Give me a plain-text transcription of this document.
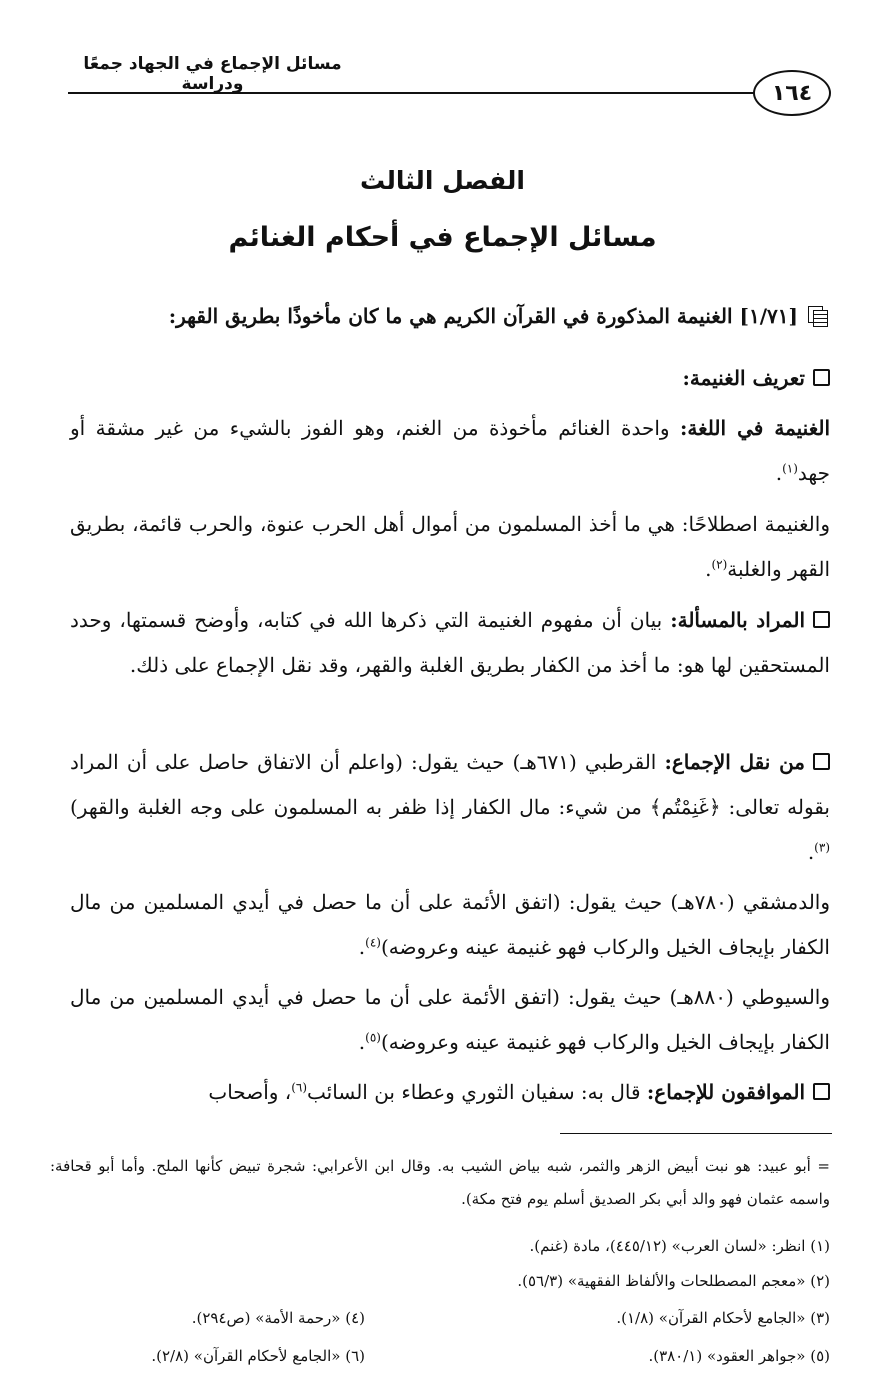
مسائل الإجماع في الجهاد جمعًا ودراسة	١٦٤
الفصل الثالث
مسائل الإجماع في أحكام الغنائم
[١/٧١] الغنيمة المذكورة في القرآن الكريم هي ما كان مأخوذًا بطريق القهر:
تعريف الغنيمة:
الغنيمة في اللغة: واحدة الغنائم مأخوذة من الغنم، وهو الفوز بالشيء من غير مشقة أو جهد$^{(١)}$.
والغنيمة اصطلاحًا: هي ما أخذ المسلمون من أموال أهل الحرب عنوة، والحرب قائمة، بطريق القهر والغلبة$^{(٢)}$.
المراد بالمسألة: بيان أن مفهوم الغنيمة التي ذكرها الله في كتابه، وأوضح قسمتها، وحدد المستحقين لها هو: ما أخذ من الكفار بطريق الغلبة والقهر، وقد نقل الإجماع على ذلك.
من نقل الإجماع: القرطبي (٦٧١هـ) حيث يقول: (واعلم أن الاتفاق حاصل على أن المراد بقوله تعالى: ﴿غَنِمْتُم﴾ من شيء: مال الكفار إذا ظفر به المسلمون على وجه الغلبة والقهر)$^{(٣)}$.
والدمشقي (٧٨٠هـ) حيث يقول: (اتفق الأئمة على أن ما حصل في أيدي المسلمين من مال الكفار بإيجاف الخيل والركاب فهو غنيمة عينه وعروضه)$^{(٤)}$.
والسيوطي (٨٨٠هـ) حيث يقول: (اتفق الأئمة على أن ما حصل في أيدي المسلمين من مال الكفار بإيجاف الخيل والركاب فهو غنيمة عينه وعروضه)$^{(٥)}$.
الموافقون للإجماع: قال به: سفيان الثوري وعطاء بن السائب$^{(٦)}$، وأصحاب
= أبو عبيد: هو نبت أبيض الزهر والثمر، شبه بياض الشيب به. وقال ابن الأعرابي: شجرة تبيض كأنها الملح. وأما أبو قحافة: واسمه عثمان فهو والد أبي بكر الصديق أسلم يوم فتح مكة).
(١) انظر: «لسان العرب» (٤٤٥/١٢)، مادة (غنم).
(٢) «معجم المصطلحات والألفاظ الفقهية» (٥٦/٣).
(٣) «الجامع لأحكام القرآن» (١/٨).
(٤) «رحمة الأمة» (ص٢٩٤).
(٥) «جواهر العقود» (٣٨٠/١).
(٦) «الجامع لأحكام القرآن» (٢/٨).
